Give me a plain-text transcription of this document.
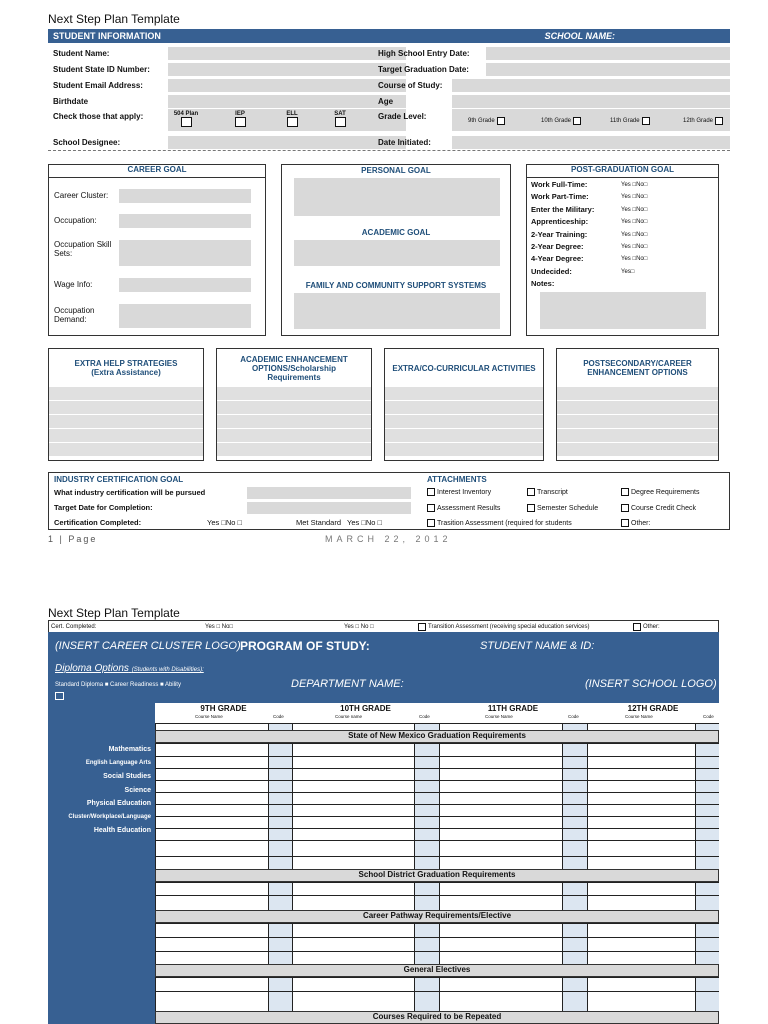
Next Step Plan Template
STUDENT INFORMATION	SCHOOL NAME:
Student Name:	High School Entry Date:
Student State ID Number:	Target Graduation Date:
Student Email Address:	Course of Study:
Birthdate	Age
Check those that apply:	504 Plan	IEP	ELL	SAT	Grade Level:	9th Grade	10th Grade	11th Grade	12th Grade
School Designee:	Date Initiated:
CAREER GOAL
Career Cluster:
Occupation:
Occupation Skill Sets:
Wage Info:
Occupation Demand:
PERSONAL GOAL
ACADEMIC GOAL
FAMILY AND COMMUNITY SUPPORT SYSTEMS
POST-GRADUATION GOAL
Work Full-Time:	Yes □No□
Work Part-Time:	Yes □No□
Enter the Military:	Yes □No□
Apprenticeship:	Yes □No□
2-Year Training:	Yes □No□
2-Year Degree:	Yes □No□
4-Year Degree:	Yes □No□
Undecided:	Yes□
Notes:
EXTRA HELP STRATEGIES (Extra Assistance)
ACADEMIC ENHANCEMENT OPTIONS/Scholarship Requirements
EXTRA/CO-CURRICULAR ACTIVITIES	POSTSECONDARY/CAREER ENHANCEMENT OPTIONS
INDUSTRY CERTIFICATION GOAL
What industry certification will be pursued
Target Date for Completion:
Certification Completed:	Yes □No □	Met Standard Yes □No □
ATTACHMENTS
Interest Inventory	Transcript	Degree Requirements
Assessment Results	Semester Schedule	Course Credit Check
Trasition Assessment (required for students	Other:
1 | Page	MARCH 22, 2012
Next Step Plan Template
Cert. Completed:	Yes □ No□	Yes □ No □	Transition Assessment (receiving special education services)	Other:
(INSERT CAREER CLUSTER LOGO) PROGRAM OF STUDY:	STUDENT NAME & ID:
Diploma Options (Students with Disabilities):
Standard Diploma ■ Career Readiness ■ Ability	DEPARTMENT NAME:	(INSERT SCHOOL LOGO)
9TH GRADE	10TH GRADE	11TH GRADE	12TH GRADE
Course Name	Code	Course name	Code	Course Name	Code	Course Name	Code
Mathematics
English Language Arts
Social Studies
Science
Physical Education
Cluster/Workplace/Language
Health Education
State of New Mexico Graduation Requirements
School District Graduation Requirements
Career Pathway Requirements/Elective
General Electives
Courses Required to be Repeated
